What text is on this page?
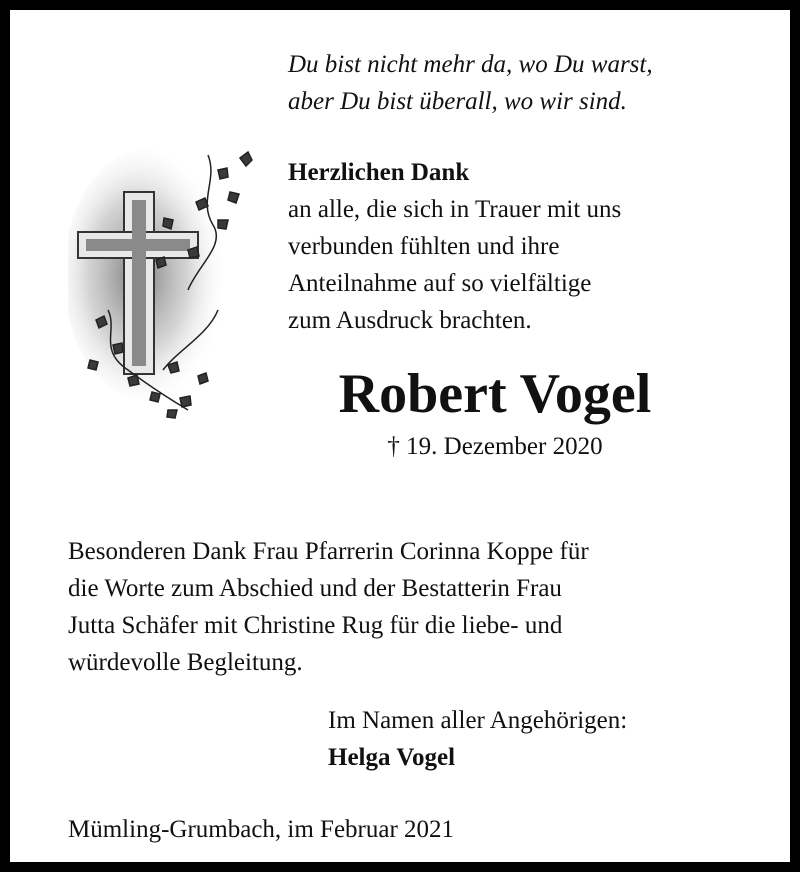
Du bist nicht mehr da, wo Du warst,
aber Du bist überall, wo wir sind.
Herzlichen Dank
an alle, die sich in Trauer mit uns
verbunden fühlten und ihre
Anteilnahme auf so vielfältige
zum Ausdruck brachten.
Robert Vogel
† 19. Dezember 2020
Besonderen Dank Frau Pfarrerin Corinna Koppe für
die Worte zum Abschied und der Bestatterin Frau
Jutta Schäfer mit Christine Rug für die liebe- und
würdevolle Begleitung.
Im Namen aller Angehörigen:
Helga Vogel
Mümling-Grumbach, im Februar 2021
